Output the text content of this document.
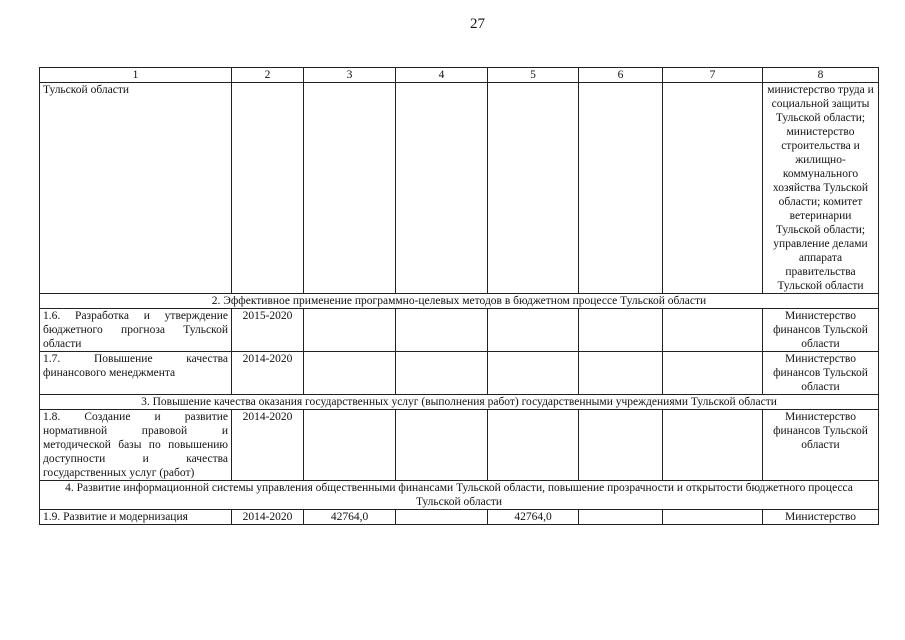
27
1	2	3	4	5	6	7	8
Тульской области							министерство труда и социальной защиты Тульской области; министерство строительства и жилищно-коммунального хозяйства Тульской области; комитет ветеринарии Тульской области; управление делами аппарата правительства Тульской области
2. Эффективное применение программно-целевых методов в бюджетном процессе Тульской области							
1.6. Разработка и утверждение бюджетного прогноза Тульской области	2015-2020						Министерство финансов Тульской области
1.7. Повышение качества финансового менеджмента	2014-2020						Министерство финансов Тульской области
3. Повышение качества оказания государственных услуг (выполнения работ) государственными учреждениями Тульской области							
1.8. Создание и развитие нормативной правовой и методической базы по повышению доступности и качества государственных услуг (работ)	2014-2020						Министерство финансов Тульской области
4. Развитие информационной системы управления общественными финансами Тульской области, повышение прозрачности и открытости бюджетного процесса Тульской области							
1.9. Развитие и модернизация	2014-2020	42764,0		42764,0			Министерство
